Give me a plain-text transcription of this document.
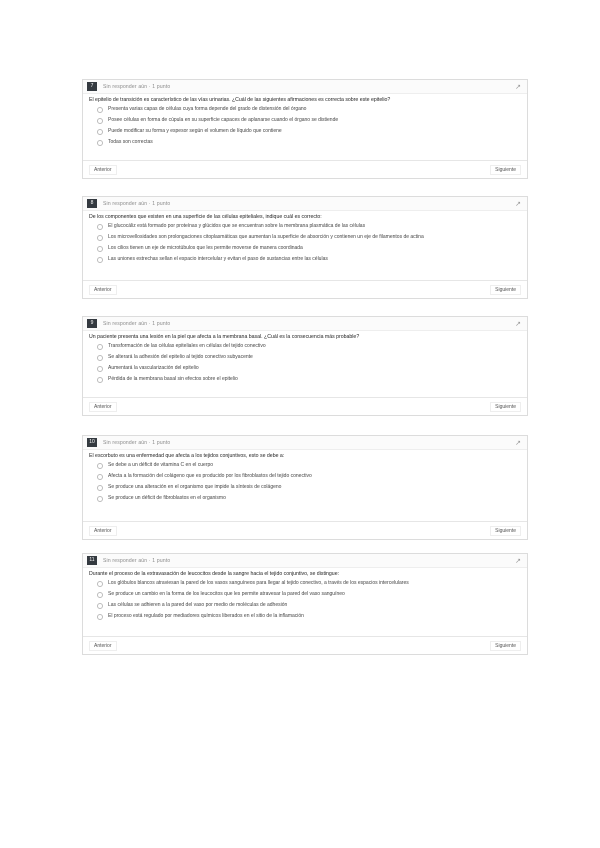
7	Sin responder aún · 1 punto	↗
El epitelio de transición es característico de las vías urinarias. ¿Cuál de las siguientes afirmaciones es correcta sobre este epitelio?
Presenta varias capas de células cuya forma depende del grado de distensión del órgano
Posee células en forma de cúpula en su superficie capaces de aplanarse cuando el órgano se distiende
Puede modificar su forma y espesor según el volumen de líquido que contiene
Todas son correctas
Anterior	Siguiente
8	Sin responder aún · 1 punto	↗
De los componentes que existen en una superficie de las células epiteliales, indique cuál es correcto:
El glucocáliz está formado por proteínas y glúcidos que se encuentran sobre la membrana plasmática de las células
Los microvellosidades son prolongaciones citoplasmáticas que aumentan la superficie de absorción y contienen un eje de filamentos de actina
Los cilios tienen un eje de microtúbulos que les permite moverse de manera coordinada
Las uniones estrechas sellan el espacio intercelular y evitan el paso de sustancias entre las células
Anterior	Siguiente
9	Sin responder aún · 1 punto	↗
Un paciente presenta una lesión en la piel que afecta a la membrana basal. ¿Cuál es la consecuencia más probable?
Transformación de las células epiteliales en células del tejido conectivo
Se alterará la adhesión del epitelio al tejido conectivo subyacente
Aumentará la vascularización del epitelio
Pérdida de la membrana basal sin efectos sobre el epitelio
Anterior	Siguiente
10	Sin responder aún · 1 punto	↗
El escorbuto es una enfermedad que afecta a los tejidos conjuntivos, esto se debe a:
Se debe a un déficit de vitamina C en el cuerpo
Afecta a la formación del colágeno que es producido por los fibroblastos del tejido conectivo
Se produce una alteración en el organismo que impide la síntesis de colágeno
Se produce un déficit de fibroblastos en el organismo
Anterior	Siguiente
11	Sin responder aún · 1 punto	↗
Durante el proceso de la extravasación de leucocitos desde la sangre hacia el tejido conjuntivo, se distingue:
Los glóbulos blancos atraviesan la pared de los vasos sanguíneos para llegar al tejido conectivo, a través de los espacios intercelulares
Se produce un cambio en la forma de los leucocitos que les permite atravesar la pared del vaso sanguíneo
Las células se adhieren a la pared del vaso por medio de moléculas de adhesión
El proceso está regulado por mediadores químicos liberados en el sitio de la inflamación
Anterior	Siguiente
